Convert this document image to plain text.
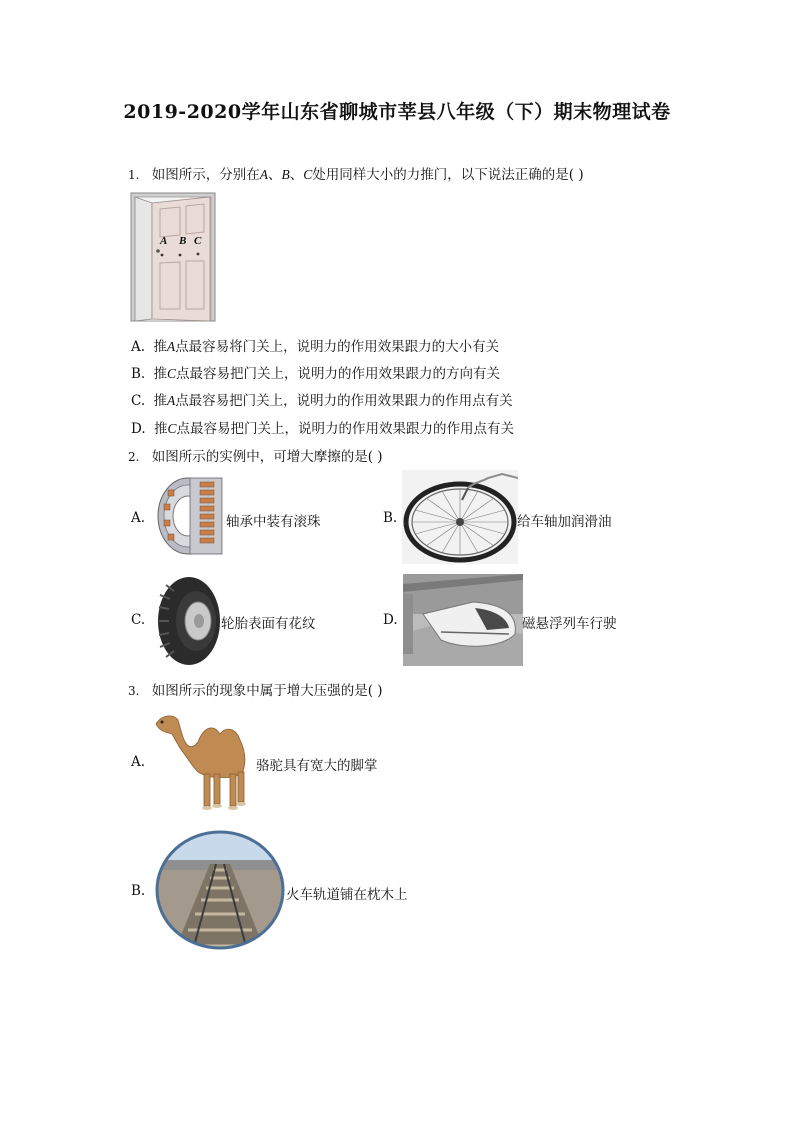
2019-2020学年山东省聊城市莘县八年级（下）期末物理试卷
1. 如图所示，分别在A、B、C处用同样大小的力推门，以下说法正确的是( )
A B C
A. 推A点最容易将门关上，说明力的作用效果跟力的大小有关
B. 推C点最容易把门关上，说明力的作用效果跟力的方向有关
C. 推A点最容易把门关上，说明力的作用效果跟力的作用点有关
D. 推C点最容易把门关上，说明力的作用效果跟力的作用点有关
2. 如图所示的实例中，可增大摩擦的是( )
A.	轴承中装有滚珠	B.	给车轴加润滑油
C.	轮胎表面有花纹	D.	磁悬浮列车行驶
3. 如图所示的现象中属于增大压强的是( )
A.	骆驼具有宽大的脚掌
B.	火车轨道铺在枕木上
